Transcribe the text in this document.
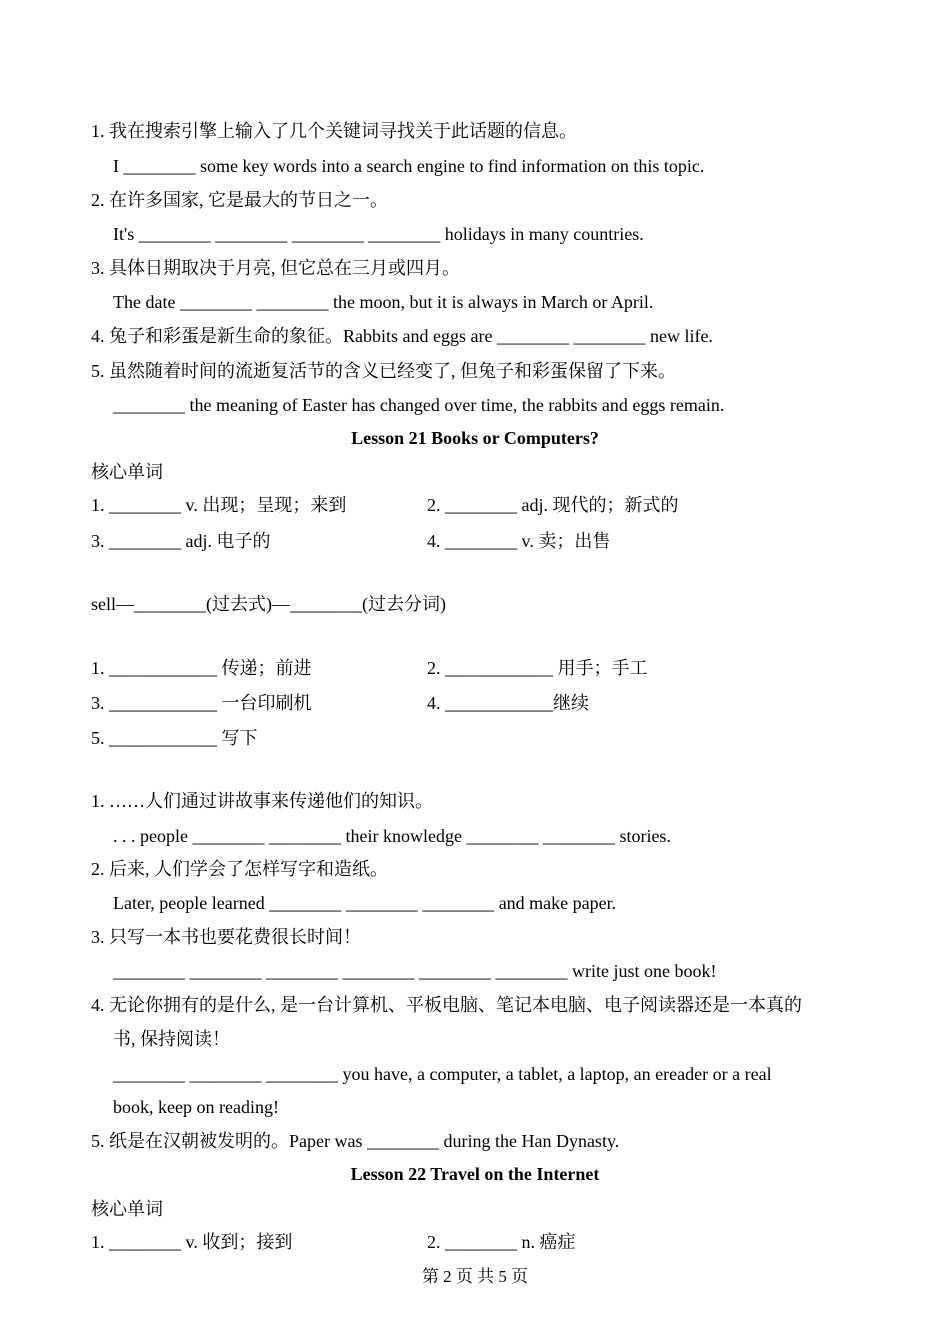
1. 我在搜索引擎上输入了几个关键词寻找关于此话题的信息。
I ________ some key words into a search engine to find information on this topic.
2. 在许多国家, 它是最大的节日之一。
It's ________ ________ ________ ________ holidays in many countries.
3. 具体日期取决于月亮, 但它总在三月或四月。
The date ________ ________ the moon, but it is always in March or April.
4. 兔子和彩蛋是新生命的象征。Rabbits and eggs are ________ ________ new life.
5. 虽然随着时间的流逝复活节的含义已经变了, 但兔子和彩蛋保留了下来。
________ the meaning of Easter has changed over time, the rabbits and eggs remain.
Lesson 21 Books or Computers?
核心单词
1. ________ v. 出现；呈现；来到	2. ________ adj. 现代的；新式的
3. ________ adj. 电子的	4. ________ v. 卖；出售
sell—________(过去式)—________(过去分词)
1. ____________ 传递；前进	2. ____________ 用手；手工
3. ____________ 一台印刷机	4. ____________继续
5. ____________ 写下
1. ……人们通过讲故事来传递他们的知识。
. . . people ________ ________ their knowledge ________ ________ stories.
2. 后来, 人们学会了怎样写字和造纸。
Later, people learned ________ ________ ________ and make paper.
3. 只写一本书也要花费很长时间！
________ ________ ________ ________ ________ ________ write just one book!
4. 无论你拥有的是什么, 是一台计算机、平板电脑、笔记本电脑、电子阅读器还是一本真的
书, 保持阅读！
________ ________ ________ you have, a computer, a tablet, a laptop, an ereader or a real
book, keep on reading!
5. 纸是在汉朝被发明的。Paper was ________ during the Han Dynasty.
Lesson 22 Travel on the Internet
核心单词
1. ________ v. 收到；接到	2. ________ n. 癌症
第 2 页 共 5 页
